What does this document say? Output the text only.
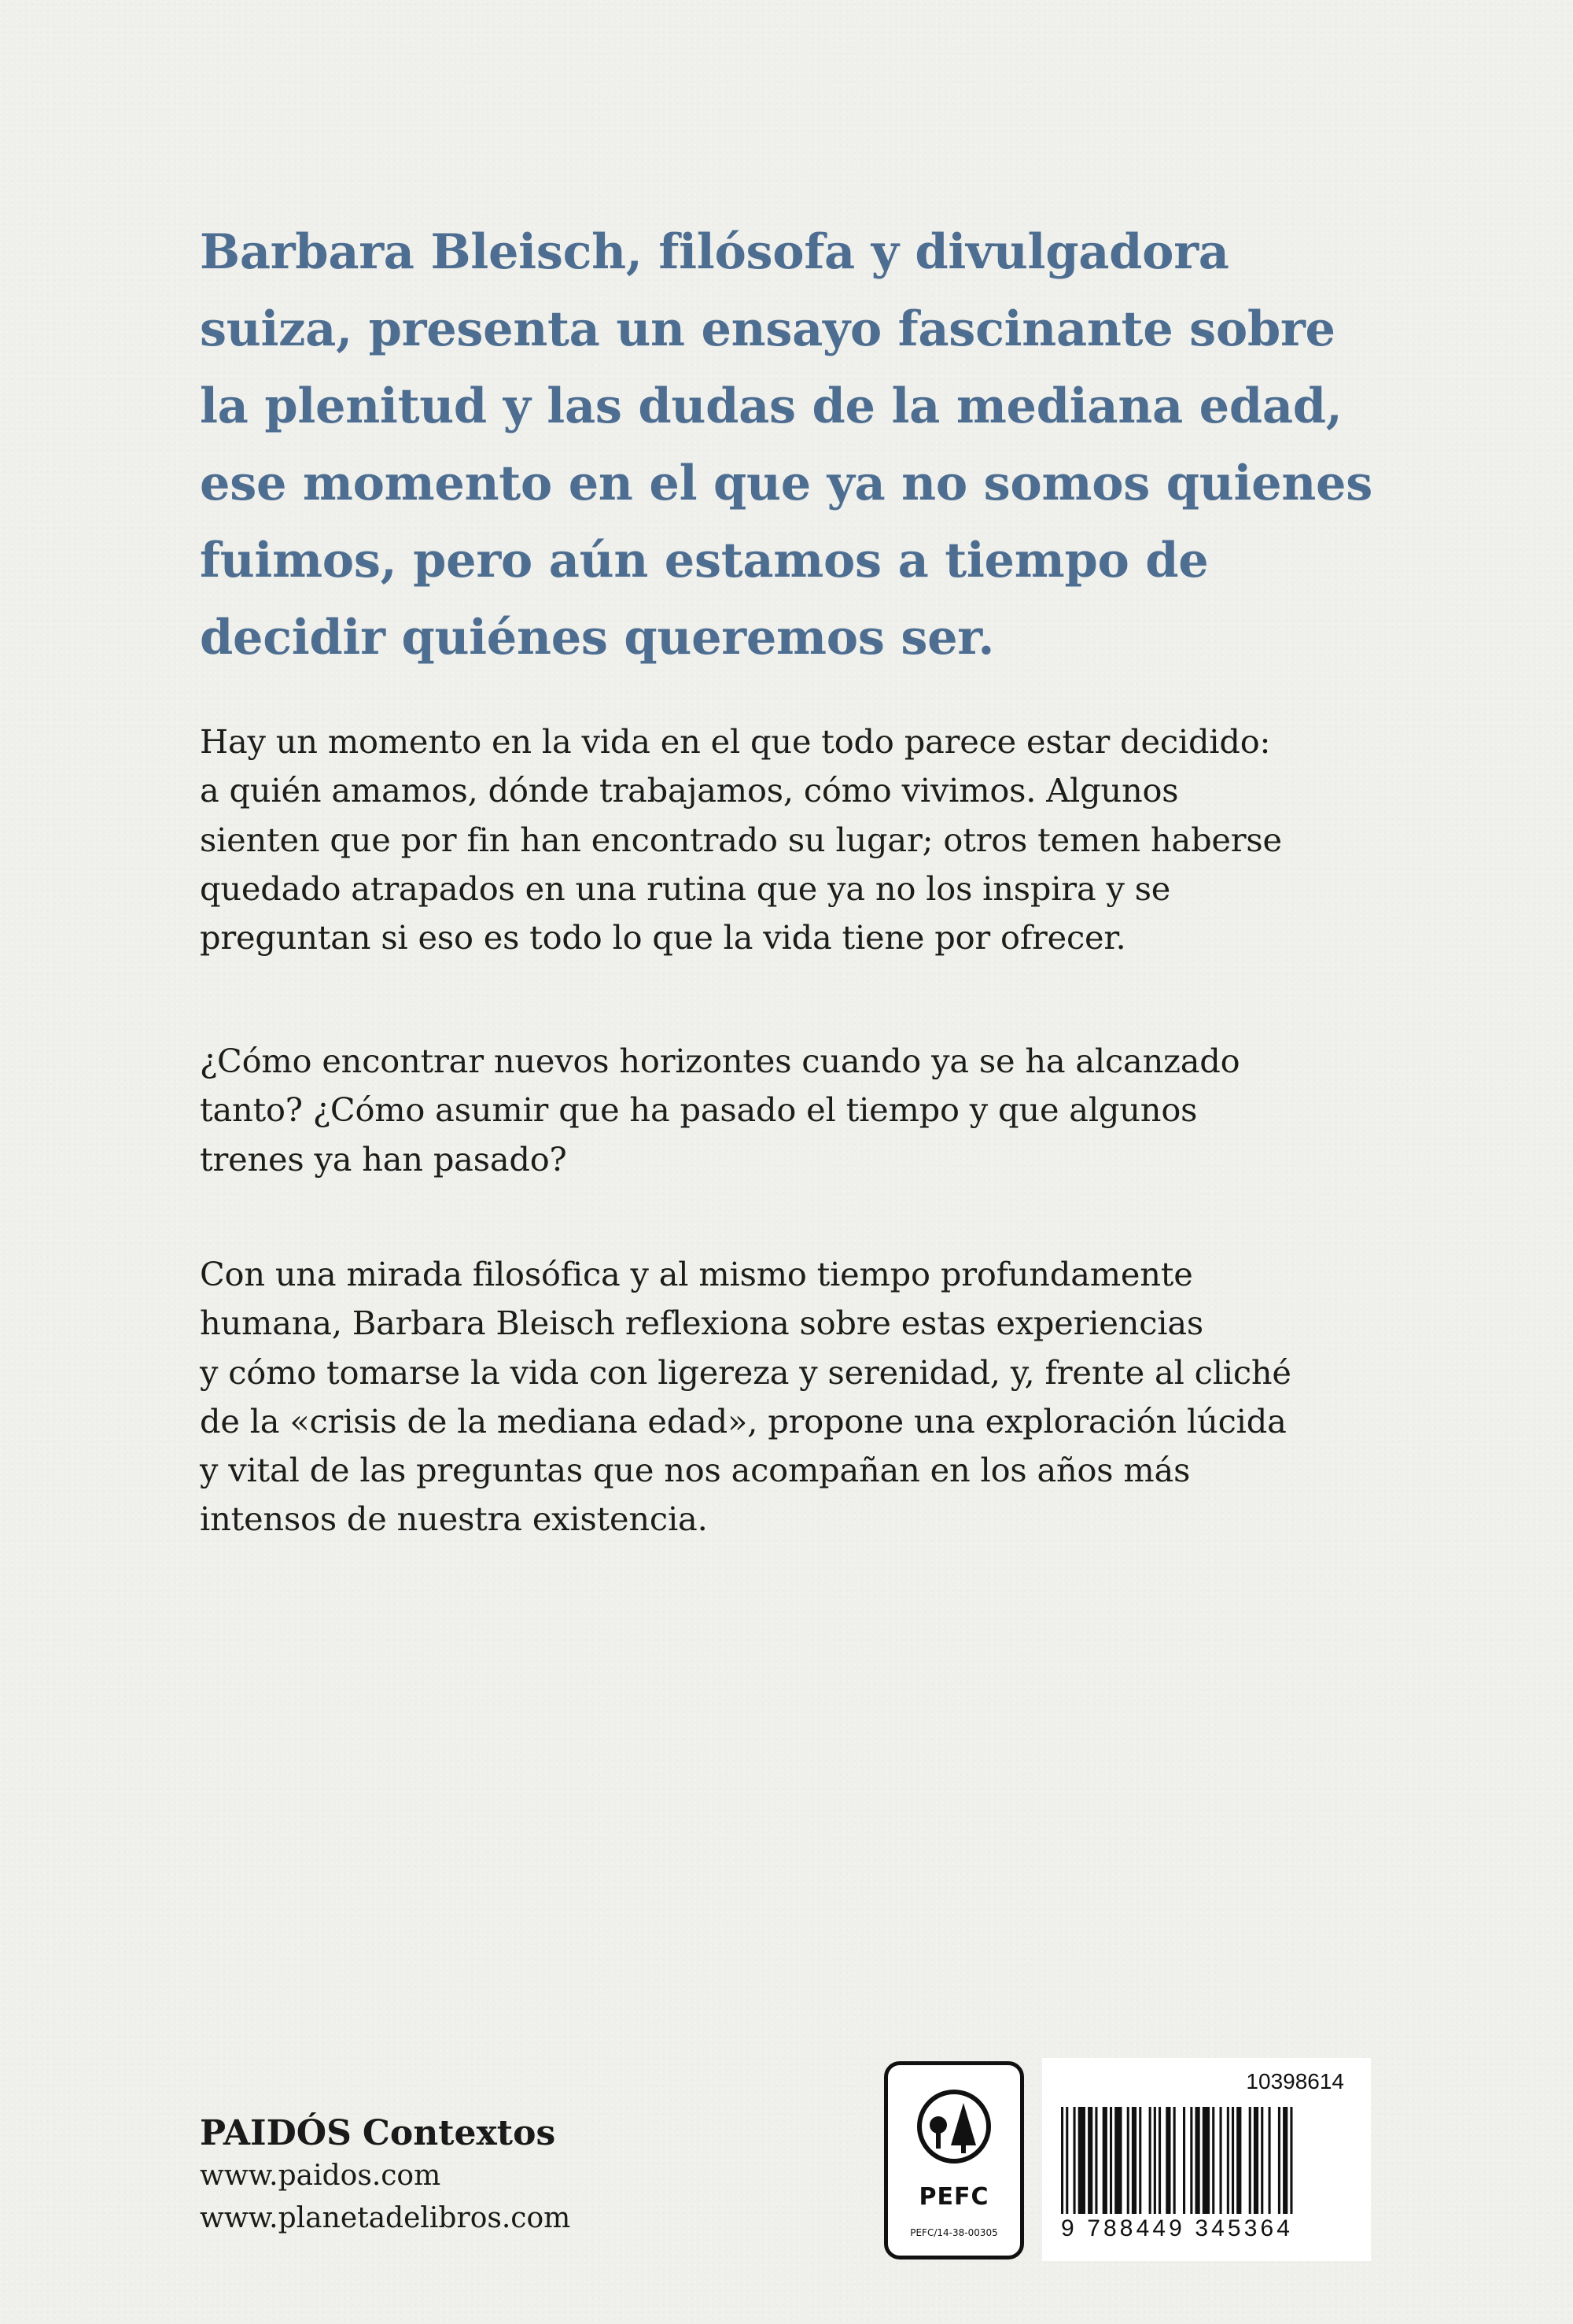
Barbara Bleisch, filósofa y divulgadora
suiza, presenta un ensayo fascinante sobre
la plenitud y las dudas de la mediana edad,
ese momento en el que ya no somos quienes
fuimos, pero aún estamos a tiempo de
decidir quiénes queremos ser.

Hay un momento en la vida en el que todo parece estar decidido:
a quién amamos, dónde trabajamos, cómo vivimos. Algunos
sienten que por fin han encontrado su lugar; otros temen haberse
quedado atrapados en una rutina que ya no los inspira y se
preguntan si eso es todo lo que la vida tiene por ofrecer.

¿Cómo encontrar nuevos horizontes cuando ya se ha alcanzado
tanto? ¿Cómo asumir que ha pasado el tiempo y que algunos
trenes ya han pasado?

Con una mirada filosófica y al mismo tiempo profundamente
humana, Barbara Bleisch reflexiona sobre estas experiencias
y cómo tomarse la vida con ligereza y serenidad, y, frente al cliché
de la «crisis de la mediana edad», propone una exploración lúcida
y vital de las preguntas que nos acompañan en los años más
intensos de nuestra existencia.

PAIDÓS Contextos
www.paidos.com
www.planetadelibros.com
PEFC
PEFC/14-38-00305
10398614
9 788449 345364
